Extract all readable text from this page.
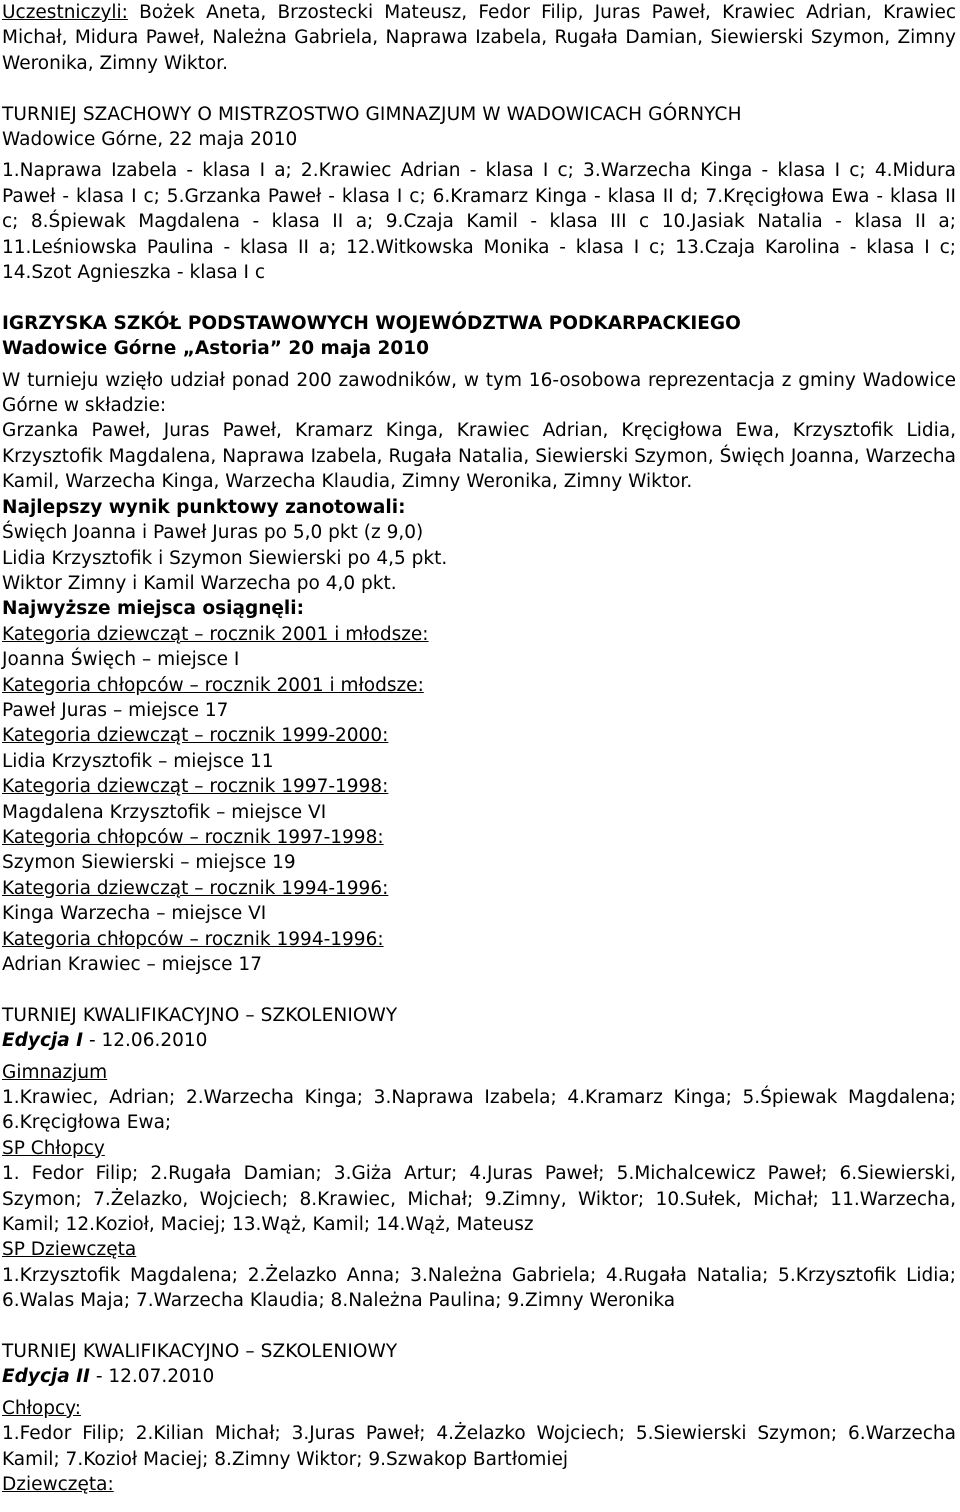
Uczestniczyli: Bożek Aneta, Brzostecki Mateusz, Fedor Filip, Juras Paweł, Krawiec Adrian, Krawiec Michał, Midura Paweł, Należna Gabriela, Naprawa Izabela, Rugała Damian, Siewierski Szymon, Zimny Weronika, Zimny Wiktor.

TURNIEJ SZACHOWY O MISTRZOSTWO GIMNAZJUM W WADOWICACH GÓRNYCH

Wadowice Górne, 22 maja 2010

1.Naprawa Izabela - klasa I a; 2.Krawiec Adrian - klasa I c; 3.Warzecha Kinga - klasa I c; 4.Midura Paweł - klasa I c; 5.Grzanka Paweł - klasa I c; 6.Kramarz Kinga - klasa II d; 7.Kręcigłowa Ewa - klasa II c; 8.Śpiewak Magdalena - klasa II a; 9.Czaja Kamil - klasa III c 10.Jasiak Natalia - klasa II a; 11.Leśniowska Paulina - klasa II a; 12.Witkowska Monika - klasa I c; 13.Czaja Karolina - klasa I c; 14.Szot Agnieszka - klasa I c

IGRZYSKA SZKÓŁ PODSTAWOWYCH WOJEWÓDZTWA PODKARPACKIEGO

Wadowice Górne „Astoria” 20 maja 2010

W turnieju wzięło udział ponad 200 zawodników, w tym 16-osobowa reprezentacja z gminy Wadowice Górne w składzie:

Grzanka Paweł, Juras Paweł, Kramarz Kinga, Krawiec Adrian, Kręcigłowa Ewa, Krzysztofik Lidia, Krzysztofik Magdalena, Naprawa Izabela, Rugała Natalia, Siewierski Szymon, Święch Joanna, Warzecha Kamil, Warzecha Kinga, Warzecha Klaudia, Zimny Weronika, Zimny Wiktor.

Najlepszy wynik punktowy zanotowali:

Święch Joanna i Paweł Juras po 5,0 pkt (z 9,0)

Lidia Krzysztofik i Szymon Siewierski po 4,5 pkt.

Wiktor Zimny i Kamil Warzecha po 4,0 pkt.

Najwyższe miejsca osiągnęli:

Kategoria dziewcząt – rocznik 2001 i młodsze:

Joanna Święch – miejsce I

Kategoria chłopców – rocznik 2001 i młodsze:

Paweł Juras – miejsce 17

Kategoria dziewcząt – rocznik 1999-2000:

Lidia Krzysztofik – miejsce 11

Kategoria dziewcząt – rocznik 1997-1998:

Magdalena Krzysztofik – miejsce VI

Kategoria chłopców – rocznik 1997-1998:

Szymon Siewierski – miejsce 19

Kategoria dziewcząt – rocznik 1994-1996:

Kinga Warzecha – miejsce VI

Kategoria chłopców – rocznik 1994-1996:

Adrian Krawiec – miejsce 17

TURNIEJ KWALIFIKACYJNO – SZKOLENIOWY

Edycja I - 12.06.2010

Gimnazjum

1.Krawiec, Adrian; 2.Warzecha Kinga; 3.Naprawa Izabela; 4.Kramarz Kinga; 5.Śpiewak Magdalena; 6.Kręcigłowa Ewa;

SP Chłopcy

1. Fedor Filip; 2.Rugała Damian; 3.Giża Artur; 4.Juras Paweł; 5.Michalcewicz Paweł; 6.Siewierski, Szymon; 7.Żelazko, Wojciech; 8.Krawiec, Michał; 9.Zimny, Wiktor; 10.Sułek, Michał; 11.Warzecha, Kamil; 12.Kozioł, Maciej; 13.Wąż, Kamil; 14.Wąż, Mateusz

SP Dziewczęta

1.Krzysztofik Magdalena; 2.Żelazko Anna; 3.Należna Gabriela; 4.Rugała Natalia; 5.Krzysztofik Lidia; 6.Walas Maja; 7.Warzecha Klaudia; 8.Należna Paulina; 9.Zimny Weronika

TURNIEJ KWALIFIKACYJNO – SZKOLENIOWY

Edycja II - 12.07.2010

Chłopcy:

1.Fedor Filip; 2.Kilian Michał; 3.Juras Paweł; 4.Żelazko Wojciech; 5.Siewierski Szymon; 6.Warzecha Kamil; 7.Kozioł Maciej; 8.Zimny Wiktor; 9.Szwakop Bartłomiej

Dziewczęta:
